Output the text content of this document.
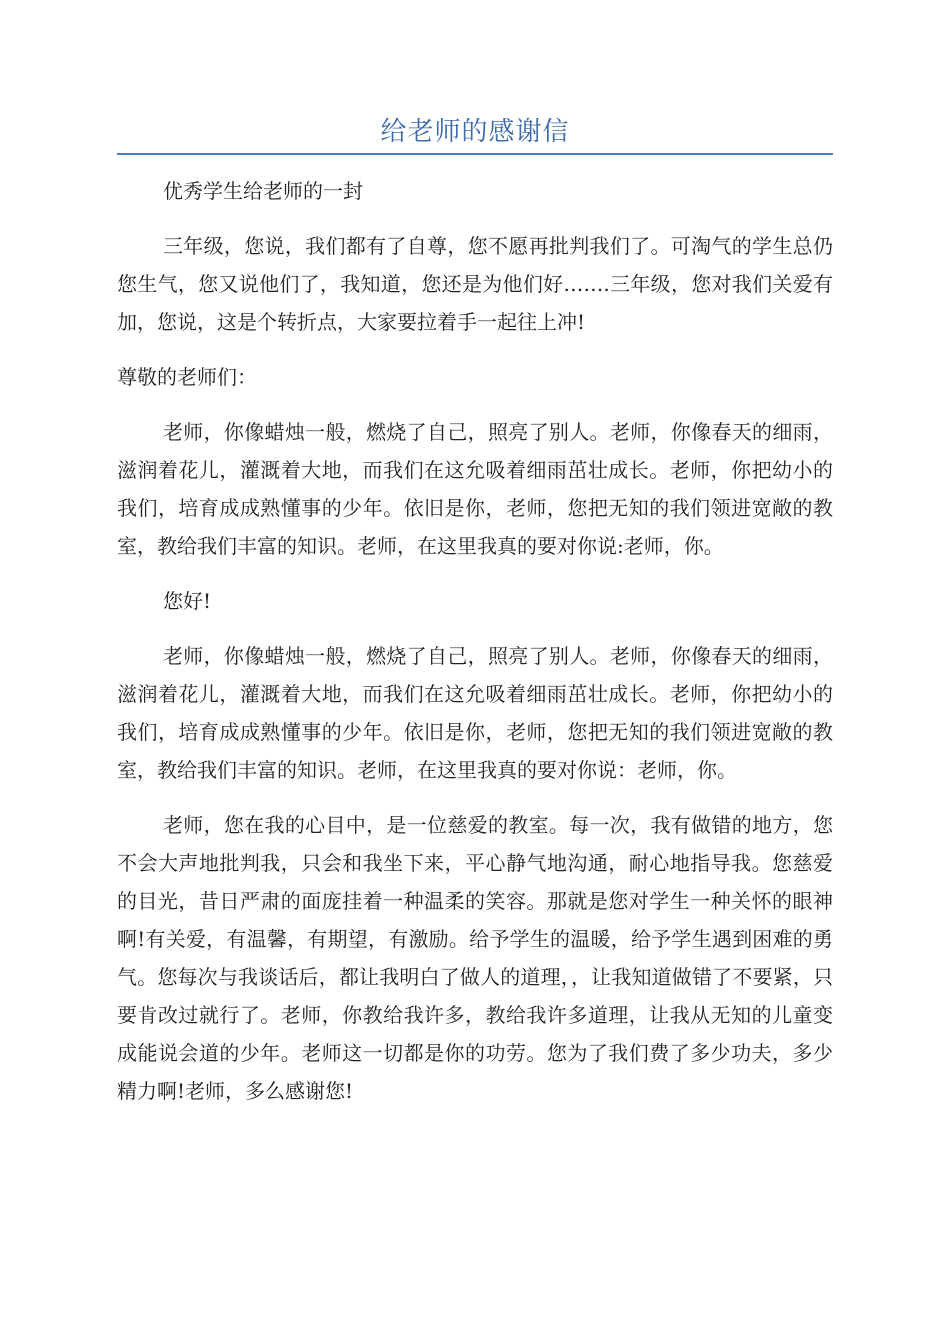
给老师的感谢信

优秀学生给老师的一封

三年级，您说，我们都有了自尊，您不愿再批判我们了。可淘气的学生总仍您生气，您又说他们了，我知道，您还是为他们好…….三年级，您对我们关爱有加，您说，这是个转折点，大家要拉着手一起往上冲!

尊敬的老师们：

老师，你像蜡烛一般，燃烧了自己，照亮了别人。老师，你像春天的细雨，滋润着花儿，灌溉着大地，而我们在这允吸着细雨茁壮成长。老师，你把幼小的我们，培育成成熟懂事的少年。依旧是你，老师，您把无知的我们领进宽敞的教室，教给我们丰富的知识。老师，在这里我真的要对你说:老师，你。

您好!

老师，你像蜡烛一般，燃烧了自己，照亮了别人。老师，你像春天的细雨，滋润着花儿，灌溉着大地，而我们在这允吸着细雨茁壮成长。老师，你把幼小的我们，培育成成熟懂事的少年。依旧是你，老师，您把无知的我们领进宽敞的教室，教给我们丰富的知识。老师，在这里我真的要对你说：老师，你。

老师，您在我的心目中，是一位慈爱的教室。每一次，我有做错的地方，您不会大声地批判我，只会和我坐下来，平心静气地沟通，耐心地指导我。您慈爱的目光，昔日严肃的面庞挂着一种温柔的笑容。那就是您对学生一种关怀的眼神啊!有关爱，有温馨，有期望，有激励。给予学生的温暖，给予学生遇到困难的勇气。您每次与我谈话后，都让我明白了做人的道理，，让我知道做错了不要紧，只要肯改过就行了。老师，你教给我许多，教给我许多道理，让我从无知的儿童变成能说会道的少年。老师这一切都是你的功劳。您为了我们费了多少功夫，多少精力啊!老师，多么感谢您!
